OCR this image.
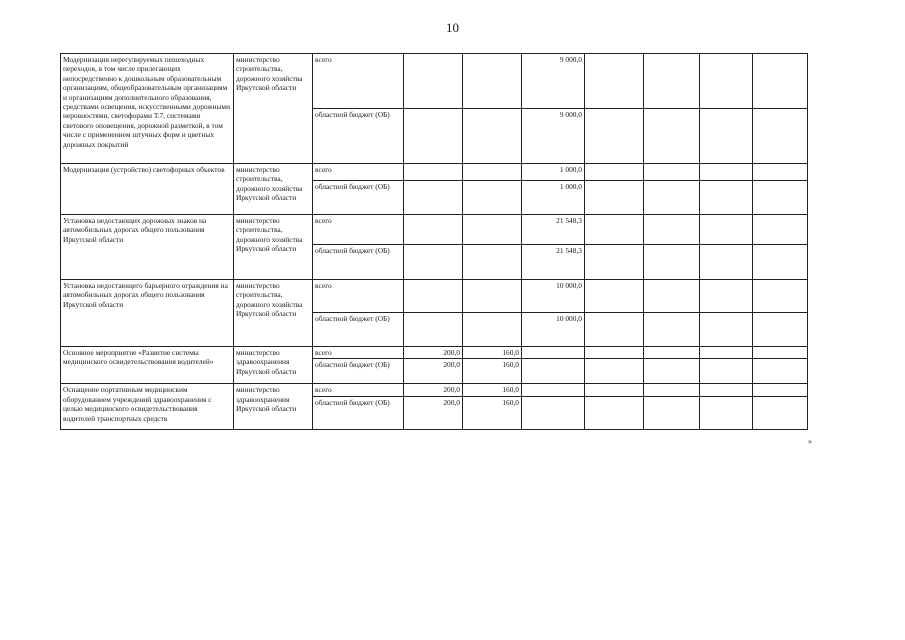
10
Модернизация нерегулируемых пешеходных переходов, в том числе прилегающих непосредственно к дошкольным образовательным организациям, общеобразовательным организациям и организациям дополнительного образования, средствами освещения, искусственными дорожными неровностями, светофорами Т.7, системами светового оповещения, дорожной разметкой, в том числе с применением штучных форм и цветных дорожных покрытий	министерство строительства, дорожного хозяйства Иркутской области	всего			9 000,0				
		областной бюджет (ОБ)			9 000,0				
Модернизация (устройство) светофорных объектов	министерство строительства, дорожного хозяйства Иркутской области	всего			1 000,0				
		областной бюджет (ОБ)			1 000,0				
Установка недостающих дорожных знаков на автомобильных дорогах общего пользования Иркутской области	министерство строительства, дорожного хозяйства Иркутской области	всего			21 548,3				
		областной бюджет (ОБ)			21 548,3				
Установка недостающего барьерного ограждения на автомобильных дорогах общего пользования Иркутской области	министерство строительства, дорожного хозяйства Иркутской области	всего			10 000,0				
		областной бюджет (ОБ)			10 000,0				
Основное мероприятие «Развитие системы медицинского освидетельствования водителей»	министерство здравоохранения Иркутской области	всего	200,0	160,0					
		областной бюджет (ОБ)	200,0	160,0					
Оснащение портативным медицинским оборудованием учреждений здравоохранения с целью медицинского освидетельствования водителей транспортных средств	министерство здравоохранения Иркутской области	всего	200,0	160,0					
		областной бюджет (ОБ)	200,0	160,0					
»
